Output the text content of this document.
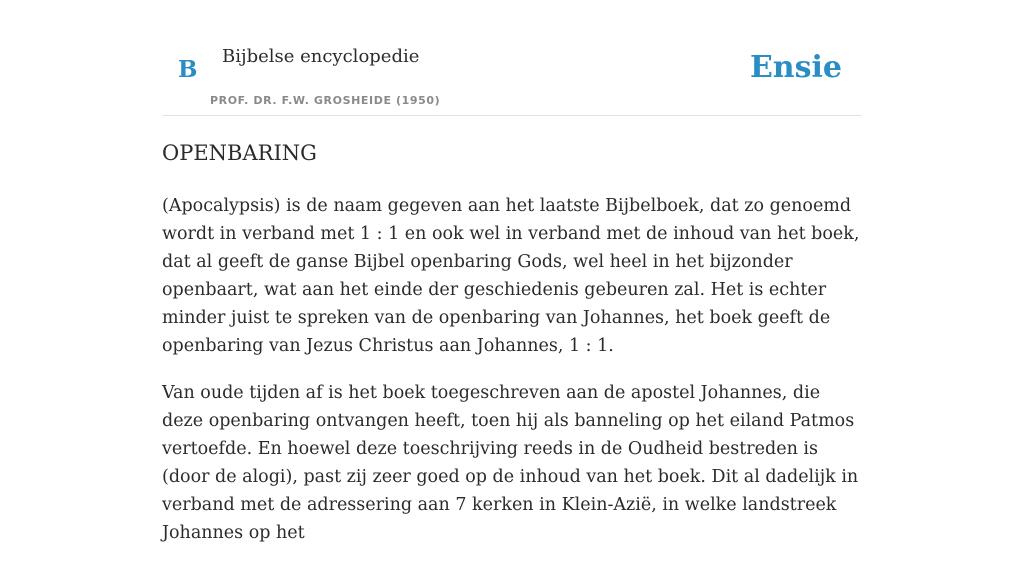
B Bijbelse encyclopedie
PROF. DR. F.W. GROSHEIDE (1950)
Ensie
OPENBARING

(Apocalypsis) is de naam gegeven aan het laatste Bijbelboek, dat zo genoemd wordt in verband met 1 : 1 en ook wel in verband met de inhoud van het boek, dat al geeft de ganse Bijbel openbaring Gods, wel heel in het bijzonder openbaart, wat aan het einde der geschiedenis gebeuren zal. Het is echter minder juist te spreken van de openbaring van Johannes, het boek geeft de openbaring van Jezus Christus aan Johannes, 1 : 1.

Van oude tijden af is het boek toegeschreven aan de apostel Johannes, die deze openbaring ontvangen heeft, toen hij als banneling op het eiland Patmos vertoefde. En hoewel deze toeschrijving reeds in de Oudheid bestreden is (door de alogi), past zij zeer goed op de inhoud van het boek. Dit al dadelijk in verband met de adressering aan 7 kerken in Klein-Azië, in welke landstreek Johannes op het
